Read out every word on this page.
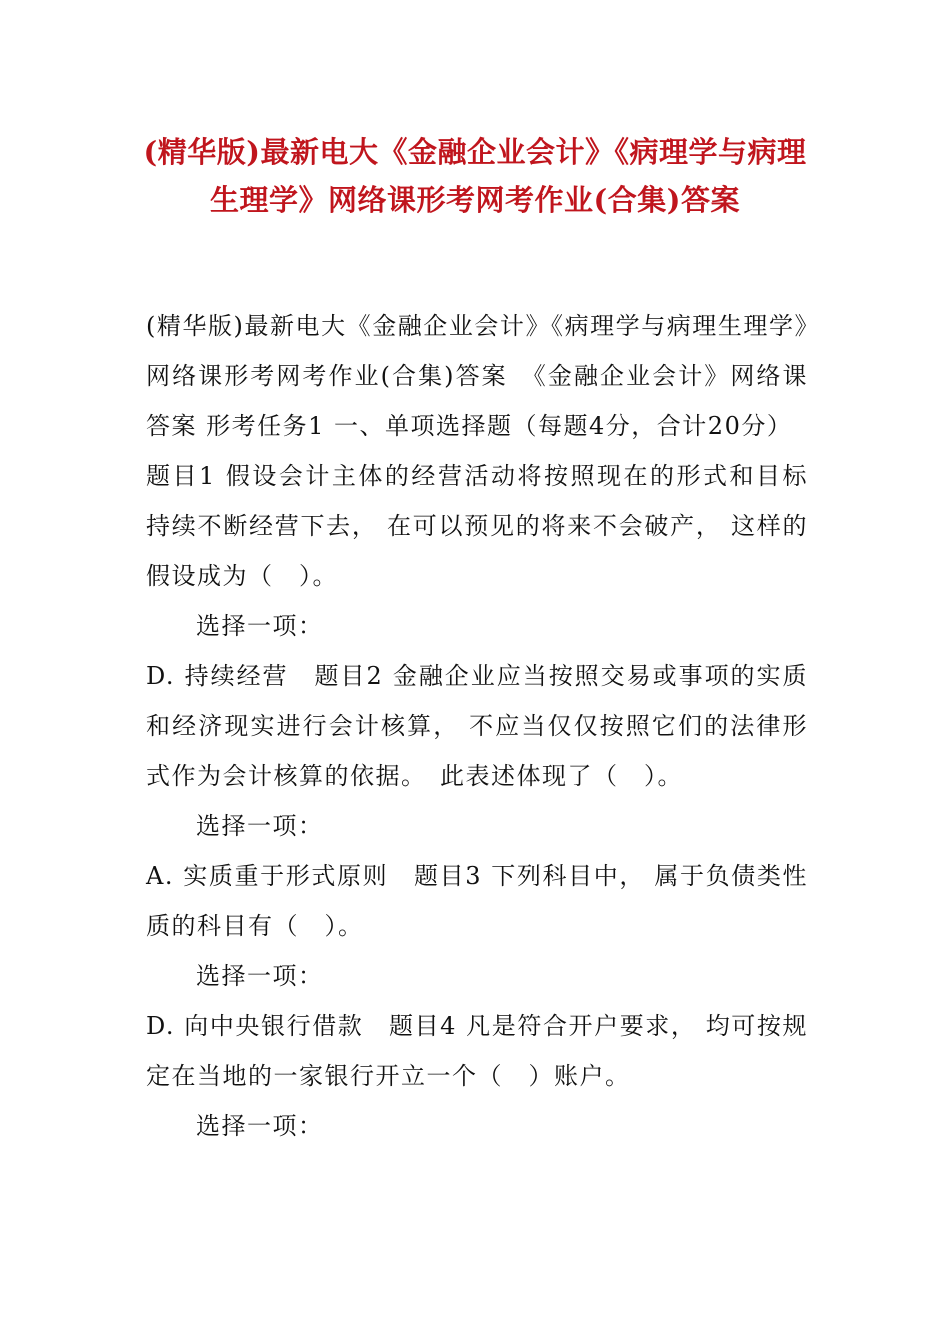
(精华版)最新电大《金融企业会计》《病理学与病理生理学》网络课形考网考作业(合集)答案

(精华版)最新电大《金融企业会计》《病理学与病理生理学》网络课形考网考作业(合集)答案　《金融企业会计》网络课答案 形考任务1 一、单项选择题（每题4分，合计20分）

题目1 假设会计主体的经营活动将按照现在的形式和目标持续不断经营下去， 在可以预见的将来不会破产， 这样的假设成为（　）。

选择一项：

D. 持续经营　题目2 金融企业应当按照交易或事项的实质和经济现实进行会计核算， 不应当仅仅按照它们的法律形式作为会计核算的依据。　此表述体现了（　）。

选择一项：

A. 实质重于形式原则　题目3 下列科目中， 属于负债类性质的科目有（　）。

选择一项：

D. 向中央银行借款　题目4 凡是符合开户要求， 均可按规定在当地的一家银行开立一个（　）账户。

选择一项：
